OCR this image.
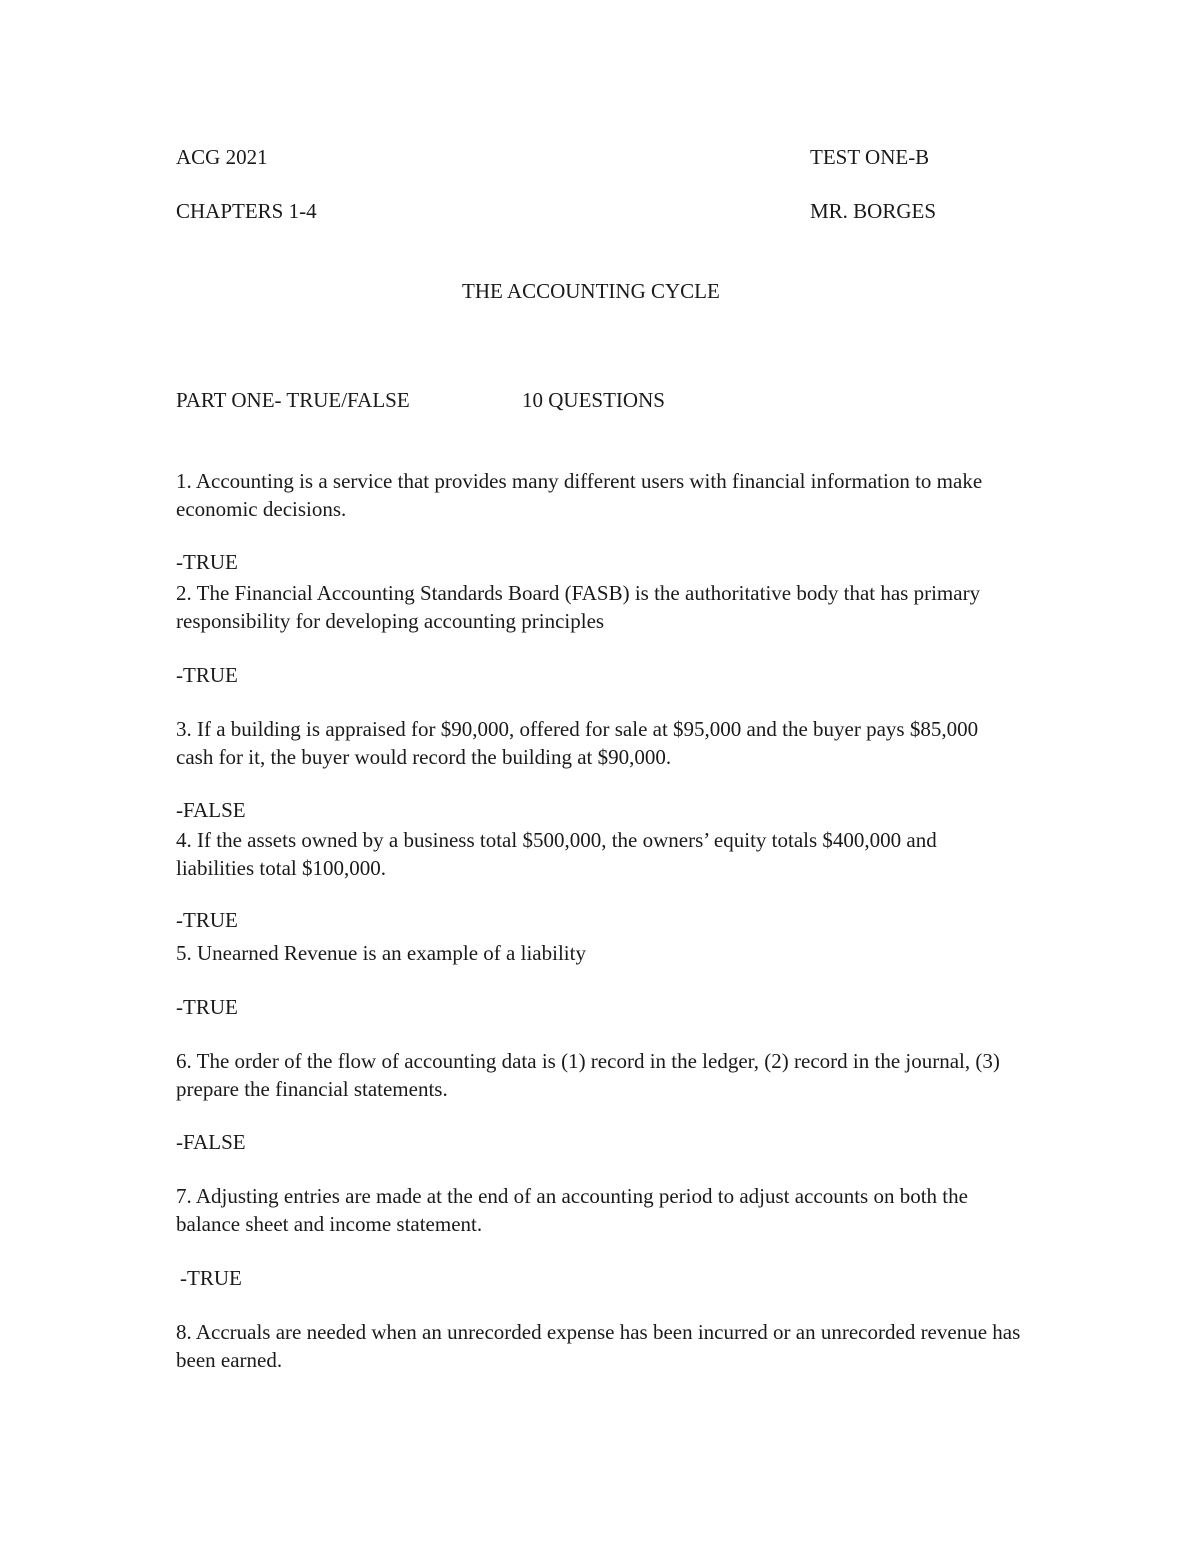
ACG 2021	TEST ONE-B

CHAPTERS 1-4	MR. BORGES

THE ACCOUNTING CYCLE

PART ONE- TRUE/FALSE	10 QUESTIONS

1. Accounting is a service that provides many different users with financial information to make economic decisions.

-TRUE

2. The Financial Accounting Standards Board (FASB) is the authoritative body that has primary responsibility for developing accounting principles

-TRUE

3. If a building is appraised for $90,000, offered for sale at $95,000 and the buyer pays $85,000 cash for it, the buyer would record the building at $90,000.

-FALSE

4. If the assets owned by a business total $500,000, the owners’ equity totals $400,000 and liabilities total $100,000.

-TRUE

5. Unearned Revenue is an example of a liability

-TRUE

6. The order of the flow of accounting data is (1) record in the ledger, (2) record in the journal, (3) prepare the financial statements.

-FALSE

7. Adjusting entries are made at the end of an accounting period to adjust accounts on both the balance sheet and income statement.

-TRUE

8. Accruals are needed when an unrecorded expense has been incurred or an unrecorded revenue has been earned.
